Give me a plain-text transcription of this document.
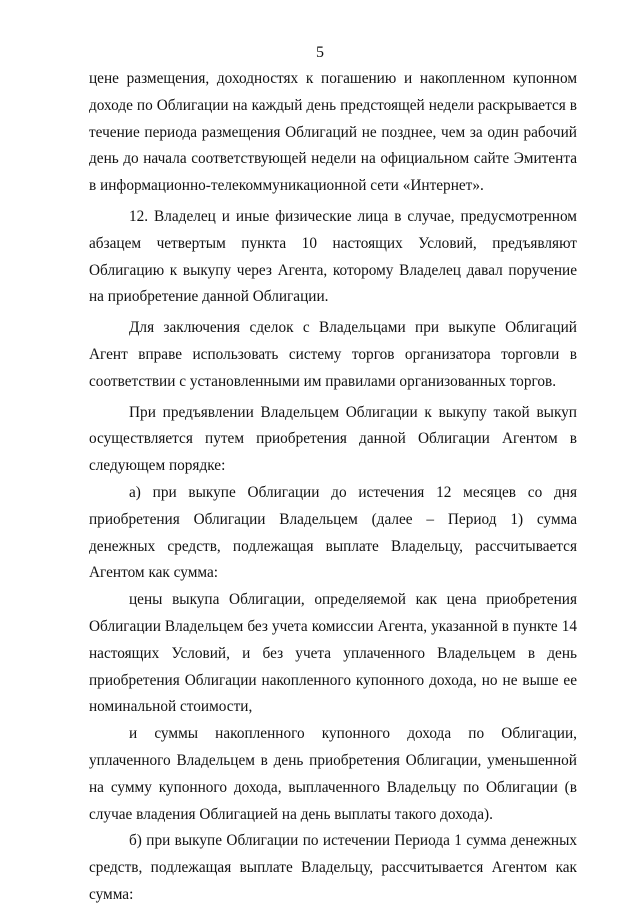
5

цене размещения, доходностях к погашению и накопленном купонном доходе по Облигации на каждый день предстоящей недели раскрывается в течение периода размещения Облигаций не позднее, чем за один рабочий день до начала соответствующей недели на официальном сайте Эмитента в информационно-телекоммуникационной сети «Интернет».

12. Владелец и иные физические лица в случае, предусмотренном абзацем четвертым пункта 10 настоящих Условий, предъявляют Облигацию к выкупу через Агента, которому Владелец давал поручение на приобретение данной Облигации.

Для заключения сделок с Владельцами при выкупе Облигаций Агент вправе использовать систему торгов организатора торговли в соответствии с установленными им правилами организованных торгов.

При предъявлении Владельцем Облигации к выкупу такой выкуп осуществляется путем приобретения данной Облигации Агентом в следующем порядке:

а) при выкупе Облигации до истечения 12 месяцев со дня приобретения Облигации Владельцем (далее – Период 1) сумма денежных средств, подлежащая выплате Владельцу, рассчитывается Агентом как сумма:

цены выкупа Облигации, определяемой как цена приобретения Облигации Владельцем без учета комиссии Агента, указанной в пункте 14 настоящих Условий, и без учета уплаченного Владельцем в день приобретения Облигации накопленного купонного дохода, но не выше ее номинальной стоимости,

и суммы накопленного купонного дохода по Облигации, уплаченного Владельцем в день приобретения Облигации, уменьшенной на сумму купонного дохода, выплаченного Владельцу по Облигации (в случае владения Облигацией на день выплаты такого дохода).

б) при выкупе Облигации по истечении Периода 1 сумма денежных средств, подлежащая выплате Владельцу, рассчитывается Агентом как сумма:
